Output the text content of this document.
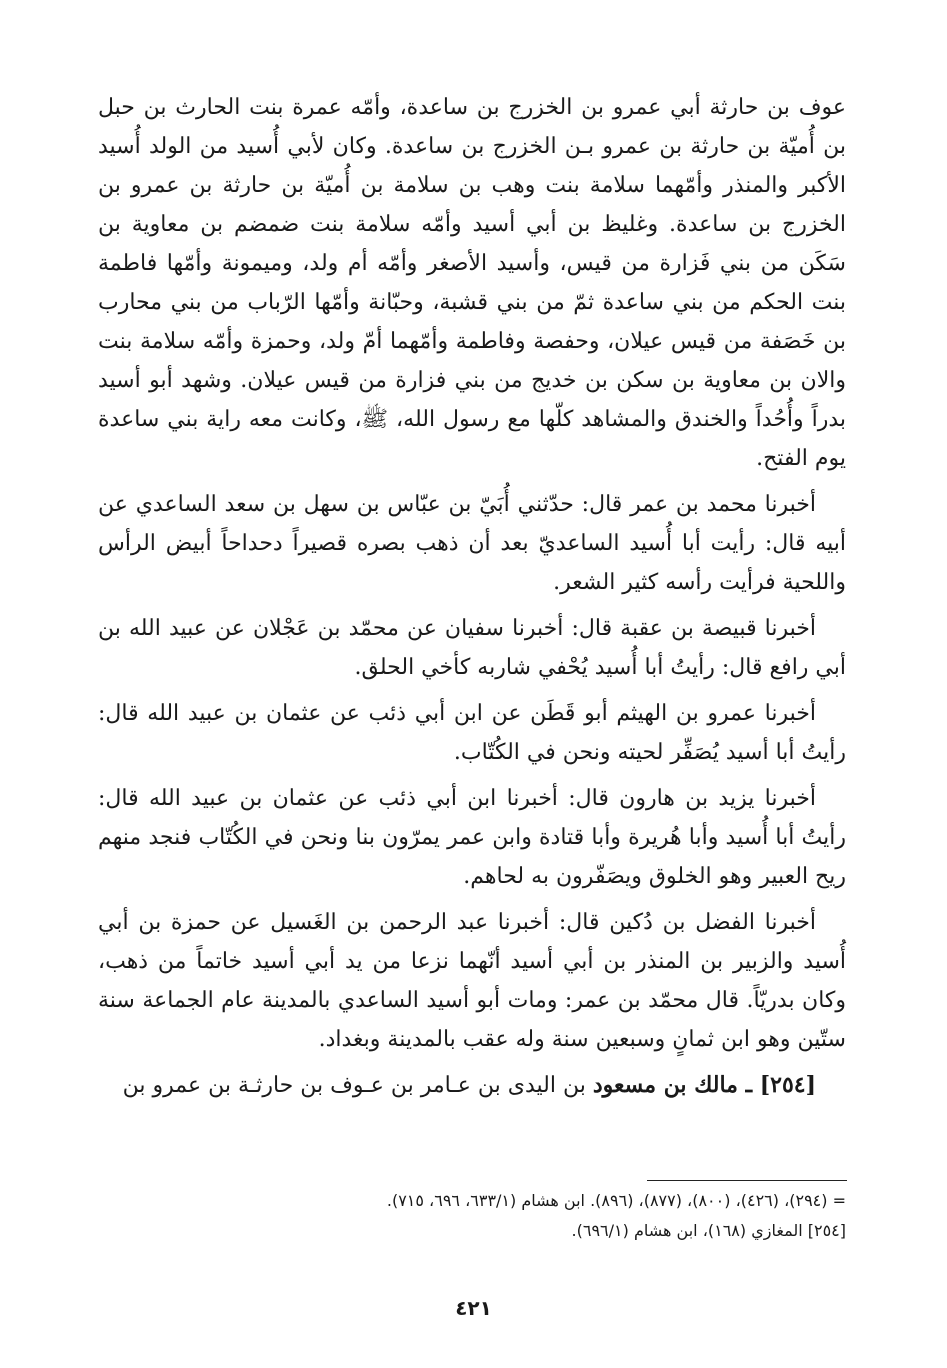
عوف بن حارثة أبي عمرو بن الخزرج بن ساعدة، وأمّه عمرة بنت الحارث بن حبل بن أُميّة بن حارثة بن عمرو بـن الخزرج بن ساعدة. وكان لأبي أُسيد من الولد أُسيد الأكبر والمنذر وأمّهما سلامة بنت وهب بن سلامة بن أُميّة بن حارثة بن عمرو بن الخزرج بن ساعدة. وغليظ بن أبي أسيد وأمّه سلامة بنت ضمضم بن معاوية بن سَكَن من بني فَزارة من قيس، وأسيد الأصغر وأمّه أم ولد، وميمونة وأمّها فاطمة بنت الحكم من بني ساعدة ثمّ من بني قشبة، وحبّانة وأمّها الرّباب من بني محارب بن خَصَفة من قيس عيلان، وحفصة وفاطمة وأمّهما أمّ ولد، وحمزة وأمّه سلامة بنت والان بن معاوية بن سكن بن خديج من بني فزارة من قيس عيلان. وشهد أبو أسيد بدراً وأُحُداً والخندق والمشاهد كلّها مع رسول الله، ﷺ، وكانت معه راية بني ساعدة يوم الفتح.

أخبرنا محمد بن عمر قال: حدّثني أُبَيّ بن عبّاس بن سهل بن سعد الساعدي عن أبيه قال: رأيت أبا أُسيد الساعديّ بعد أن ذهب بصره قصيراً دحداحاً أبيض الرأس واللحية فرأيت رأسه كثير الشعر.

أخبرنا قبيصة بن عقبة قال: أخبرنا سفيان عن محمّد بن عَجْلان عن عبيد الله بن أبي رافع قال: رأيتُ أبا أُسيد يُحْفي شاربه كأخي الحلق.

أخبرنا عمرو بن الهيثم أبو قَطَن عن ابن أبي ذئب عن عثمان بن عبيد الله قال: رأيتُ أبا أسيد يُصَفِّر لحيته ونحن في الكُتّاب.

أخبرنا يزيد بن هارون قال: أخبرنا ابن أبي ذئب عن عثمان بن عبيد الله قال: رأيتُ أبا أُسيد وأبا هُريرة وأبا قتادة وابن عمر يمرّون بنا ونحن في الكُتّاب فنجد منهم ريح العبير وهو الخلوق ويصَفّرون به لحاهم.

أخبرنا الفضل بن دُكين قال: أخبرنا عبد الرحمن بن الغَسيل عن حمزة بن أبي أُسيد والزبير بن المنذر بن أبي أسيد أنّهما نزعا من يد أبي أسيد خاتماً من ذهب، وكان بدريّاً. قال محمّد بن عمر: ومات أبو أسيد الساعدي بالمدينة عام الجماعة سنة ستّين وهو ابن ثمانٍ وسبعين سنة وله عقب بالمدينة وبغداد.

[٢٥٤] ـ مالك بن مسعود بن اليدى بن عـامر بن عـوف بن حارثـة بن عمرو بن

= (٢٩٤)، (٤٢٦)، (٨٠٠)، (٨٧٧)، (٨٩٦). ابن هشام (٦٣٣/١، ٦٩٦، ٧١٥).
[٢٥٤] المغازي (١٦٨)، ابن هشام (٦٩٦/١).
٤٢١
